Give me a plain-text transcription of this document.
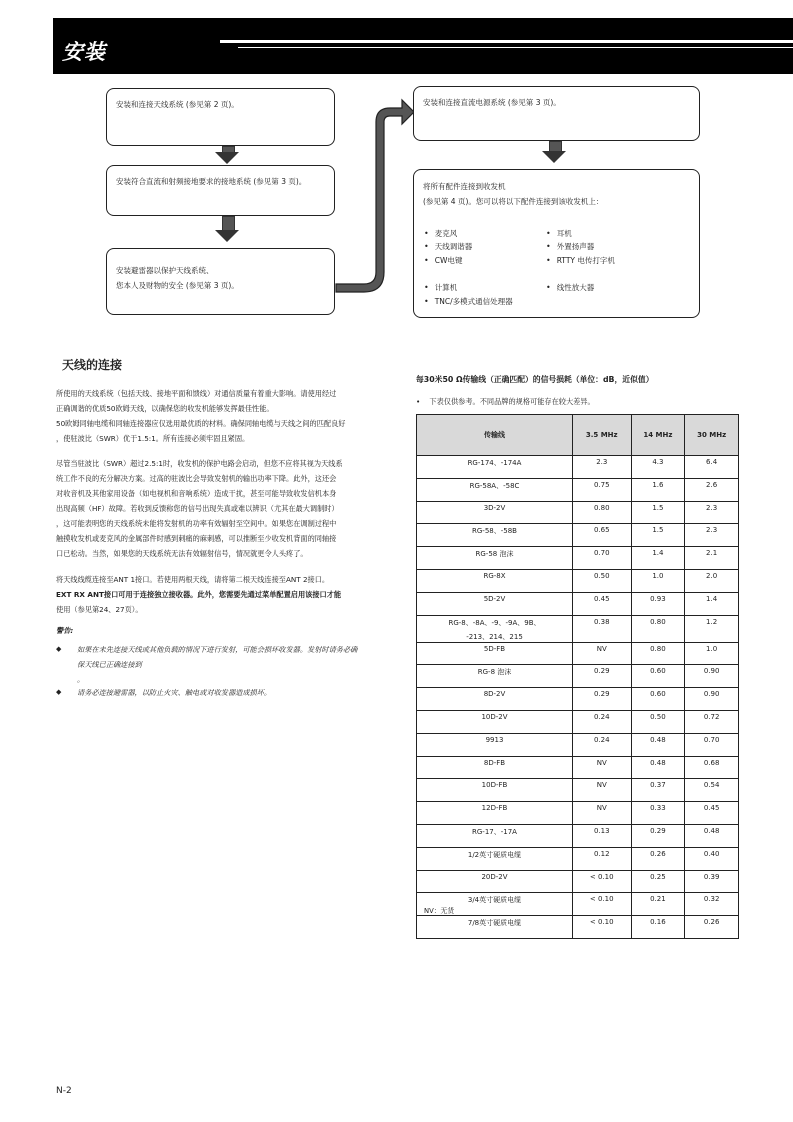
安装

安装和连接天线系统 (参见第 2 页)。

安装符合直流和射频接地要求的接地系统 (参见第 3 页)。

安装避雷器以保护天线系统、

您本人及财物的安全 (参见第 3 页)。

安装和连接直流电源系统 (参见第 3 页)。

将所有配件连接到收发机

(参见第 4 页)。您可以将以下配件连接到该收发机上：

• 麦克风	• 耳机
• 天线调谐器	• 外置扬声器
• CW电键	• RTTY 电传打字机
• 计算机	• 线性放大器
• TNC/多模式通信处理器
天线的连接
所使用的天线系统（包括天线、接地平面和馈线）对通信质量有着重大影响。请使用经过
正确调谐的优质50欧姆天线，以确保您的收发机能够发挥最佳性能。
50欧姆同轴电缆和同轴连接器应仅选用最优质的材料。确保同轴电缆与天线之间的匹配良好
，使驻波比（SWR）优于1.5:1。所有连接必须牢固且紧固。
尽管当驻波比（SWR）超过2.5:1时，收发机的保护电路会启动，但您不应将其视为天线系
统工作不良的充分解决方案。过高的驻波比会导致发射机的输出功率下降。此外，这还会
对收音机及其他家用设备（如电视机和音响系统）造成干扰，甚至可能导致收发信机本身
出现高频（HF）故障。若收到反馈称您的信号出现失真或难以辨识（尤其在最大调制时）
，这可能表明您的天线系统未能将发射机的功率有效辐射至空间中。如果您在调制过程中
触摸收发机或麦克风的金属部件时感到刺痛的麻刺感，可以推断至少收发机背面的同轴接
口已松动。当然，如果您的天线系统无法有效辐射信号，情况就更令人头疼了。
将天线线缆连接至ANT 1接口。若使用两根天线，请将第二根天线连接至ANT 2接口。
EXT RX ANT接口可用于连接独立接收器。此外，您需要先通过菜单配置启用该接口才能
使用（参见第24、27页）。
警告:
◆ 如果在未先连接天线或其他负载的情况下进行发射，可能会损坏收发器。发射时请务必确
保天线已正确连接到
。
◆ 请务必连接避雷器，以防止火灾、触电或对收发器造成损坏。
每30米50 Ω传输线（正确匹配）的信号损耗（单位：dB，近似值）
• 下表仅供参考。不同品牌的规格可能存在较大差异。
传输线	3.5 MHz	14 MHz	30 MHz

RG-174、-174A	2.3	4.3	6.4

RG-58A、-58C	0.75	1.6	2.6

3D-2V	0.80	1.5	2.3

RG-58、-58B	0.65	1.5	2.3

RG-58 泡沫	0.70	1.4	2.1

RG-8X	0.50	1.0	2.0

5D-2V	0.45	0.93	1.4

RG-8、-8A、-9、-9A、9B、
-213、214、215	0.38	0.80	1.2

5D-FB	NV	0.80	1.0

RG-8 泡沫	0.29	0.60	0.90

8D-2V	0.29	0.60	0.90

10D-2V	0.24	0.50	0.72

9913	0.24	0.48	0.70

8D-FB	NV	0.48	0.68

10D-FB	NV	0.37	0.54

12D-FB	NV	0.33	0.45

RG-17、-17A	0.13	0.29	0.48

1/2英寸硬质电缆	0.12	0.26	0.40

20D-2V	< 0.10	0.25	0.39

3/4英寸硬质电缆	< 0.10	0.21	0.32

7/8英寸硬质电缆	< 0.10	0.16	0.26
NV：无货
N-2
